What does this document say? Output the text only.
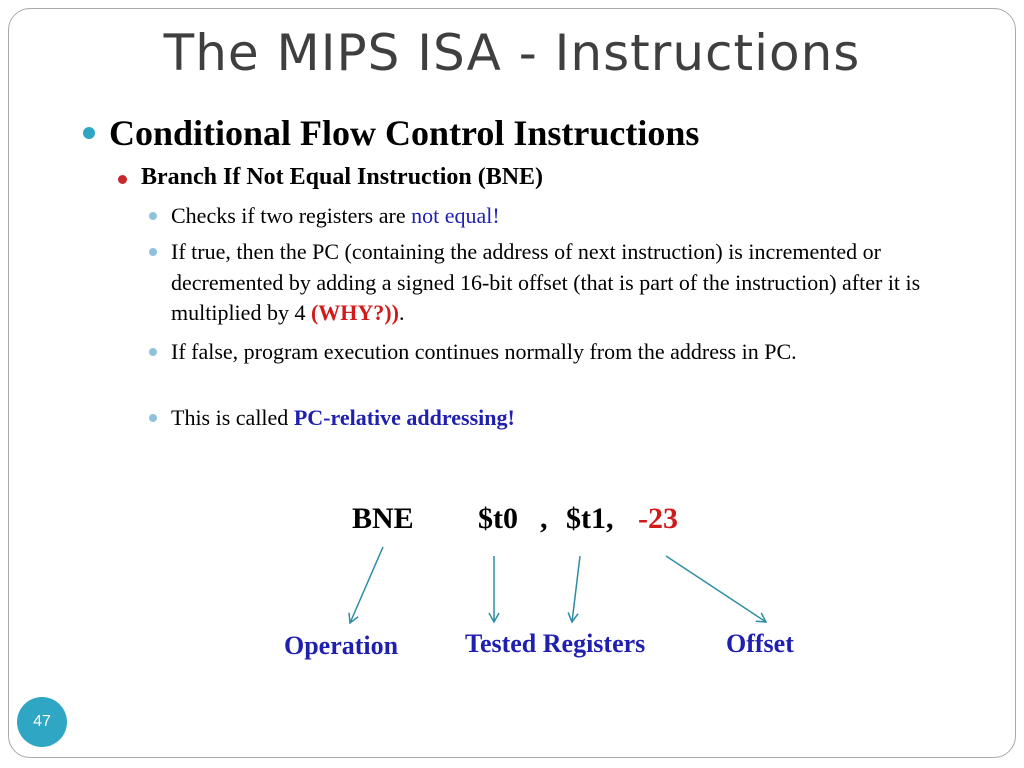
The MIPS ISA - Instructions
Conditional Flow Control Instructions
Branch If Not Equal Instruction (BNE)
Checks if two registers are not equal!
If true, then the PC (containing the address of next instruction) is incremented or decremented by adding a signed 16-bit offset (that is part of the instruction) after it is multiplied by 4 (WHY?)).
If false, program execution continues normally from the address in PC.
This is called PC-relative addressing!
BNE $t0 , $t1, -23
Operation	Tested Registers	Offset
47
